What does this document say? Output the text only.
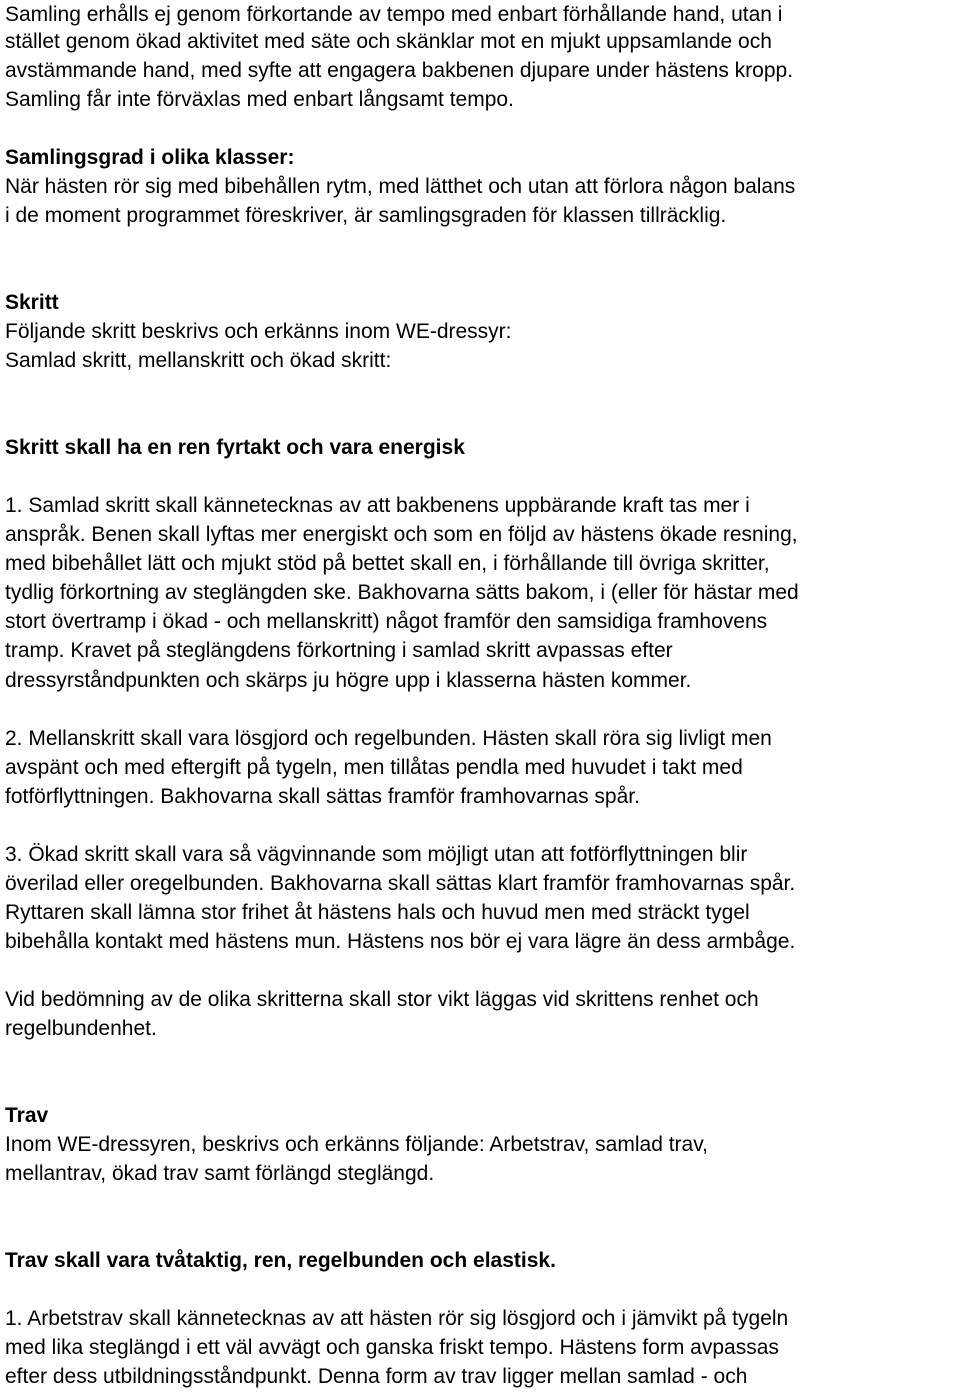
Samling erhålls ej genom förkortande av tempo med enbart förhållande hand, utan i
stället genom ökad aktivitet med säte och skänklar mot en mjukt uppsamlande och
avstämmande hand, med syfte att engagera bakbenen djupare under hästens kropp.
Samling får inte förväxlas med enbart långsamt tempo.
Samlingsgrad i olika klasser:
När hästen rör sig med bibehållen rytm, med lätthet och utan att förlora någon balans
i de moment programmet föreskriver, är samlingsgraden för klassen tillräcklig.
Skritt
Följande skritt beskrivs och erkänns inom WE-dressyr:
Samlad skritt, mellanskritt och ökad skritt:
Skritt skall ha en ren fyrtakt och vara energisk
1. Samlad skritt skall kännetecknas av att bakbenens uppbärande kraft tas mer i
anspråk. Benen skall lyftas mer energiskt och som en följd av hästens ökade resning,
med bibehållet lätt och mjukt stöd på bettet skall en, i förhållande till övriga skritter,
tydlig förkortning av steglängden ske. Bakhovarna sätts bakom, i (eller för hästar med
stort övertramp i ökad - och mellanskritt) något framför den samsidiga framhovens
tramp. Kravet på steglängdens förkortning i samlad skritt avpassas efter
dressyrståndpunkten och skärps ju högre upp i klasserna hästen kommer.
2. Mellanskritt skall vara lösgjord och regelbunden. Hästen skall röra sig livligt men
avspänt och med eftergift på tygeln, men tillåtas pendla med huvudet i takt med
fotförflyttningen. Bakhovarna skall sättas framför framhovarnas spår.
3. Ökad skritt skall vara så vägvinnande som möjligt utan att fotförflyttningen blir
överilad eller oregelbunden. Bakhovarna skall sättas klart framför framhovarnas spår.
Ryttaren skall lämna stor frihet åt hästens hals och huvud men med sträckt tygel
bibehålla kontakt med hästens mun. Hästens nos bör ej vara lägre än dess armbåge.
Vid bedömning av de olika skritterna skall stor vikt läggas vid skrittens renhet och
regelbundenhet.
Trav
Inom WE-dressyren, beskrivs och erkänns följande: Arbetstrav, samlad trav,
mellantrav, ökad trav samt förlängd steglängd.
Trav skall vara tvåtaktig, ren, regelbunden och elastisk.
1. Arbetstrav skall kännetecknas av att hästen rör sig lösgjord och i jämvikt på tygeln
med lika steglängd i ett väl avvägt och ganska friskt tempo. Hästens form avpassas
efter dess utbildningsståndpunkt. Denna form av trav ligger mellan samlad - och
